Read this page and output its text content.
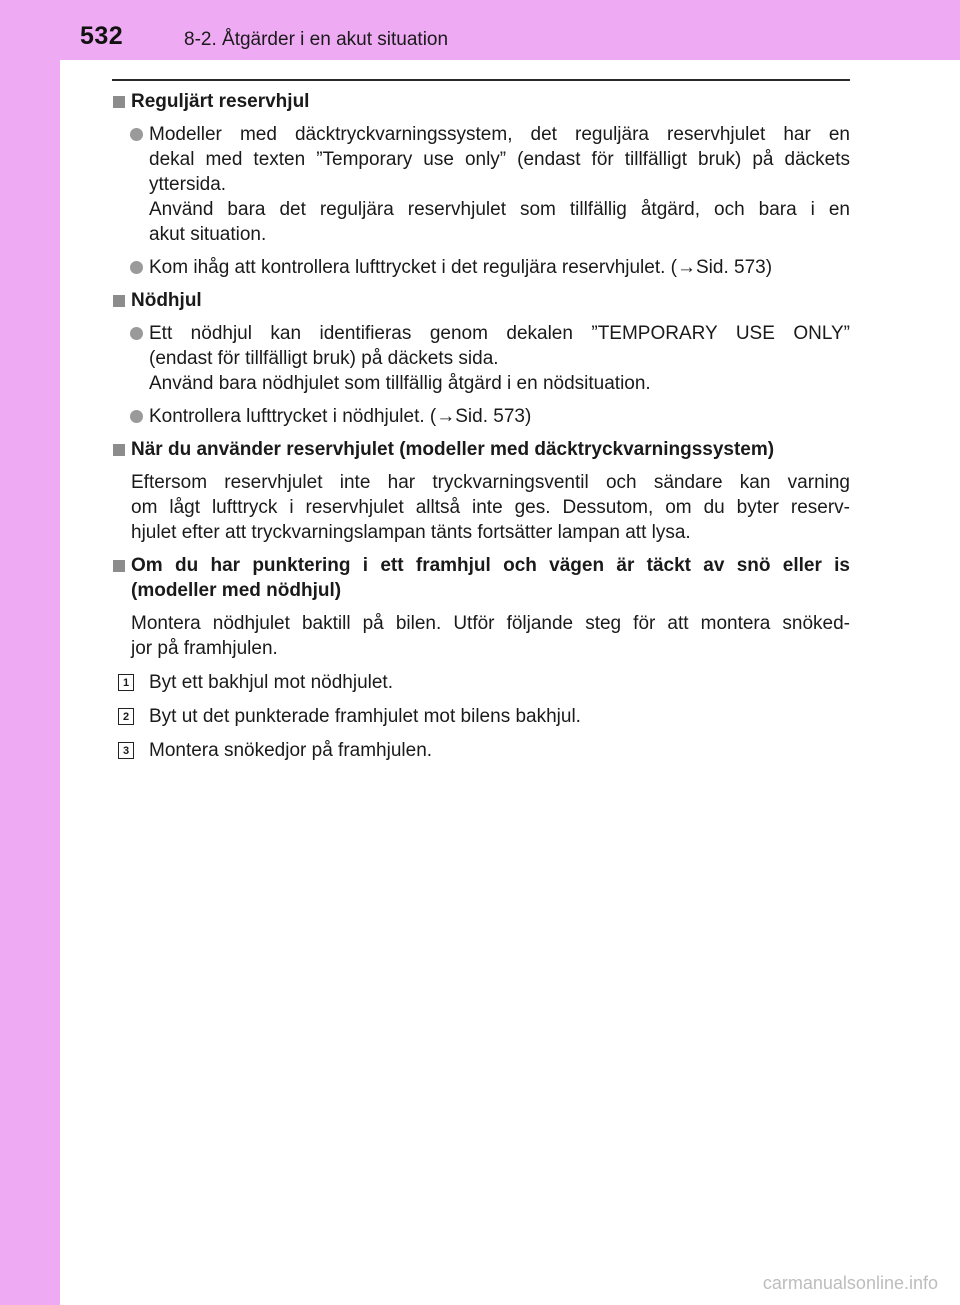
532	8-2. Åtgärder i en akut situation
Reguljärt reservhjul
Modeller med däcktryckvarningssystem, det reguljära reservhjulet har en
dekal med texten ”Temporary use only” (endast för tillfälligt bruk) på däckets
yttersida.
Använd bara det reguljära reservhjulet som tillfällig åtgärd, och bara i en
akut situation.
Kom ihåg att kontrollera lufttrycket i det reguljära reservhjulet. (→Sid. 573)
Nödhjul
Ett nödhjul kan identifieras genom dekalen ”TEMPORARY USE ONLY”
(endast för tillfälligt bruk) på däckets sida.
Använd bara nödhjulet som tillfällig åtgärd i en nödsituation.
Kontrollera lufttrycket i nödhjulet. (→Sid. 573)
När du använder reservhjulet (modeller med däcktryckvarningssystem)
Eftersom reservhjulet inte har tryckvarningsventil och sändare kan varning
om lågt lufttryck i reservhjulet alltså inte ges. Dessutom, om du byter reserv-
hjulet efter att tryckvarningslampan tänts fortsätter lampan att lysa.
Om du har punktering i ett framhjul och vägen är täckt av snö eller is
(modeller med nödhjul)
Montera nödhjulet baktill på bilen. Utför följande steg för att montera snöked-
jor på framhjulen.
1 Byt ett bakhjul mot nödhjulet.
2 Byt ut det punkterade framhjulet mot bilens bakhjul.
3 Montera snökedjor på framhjulen.
carmanualsonline.info
